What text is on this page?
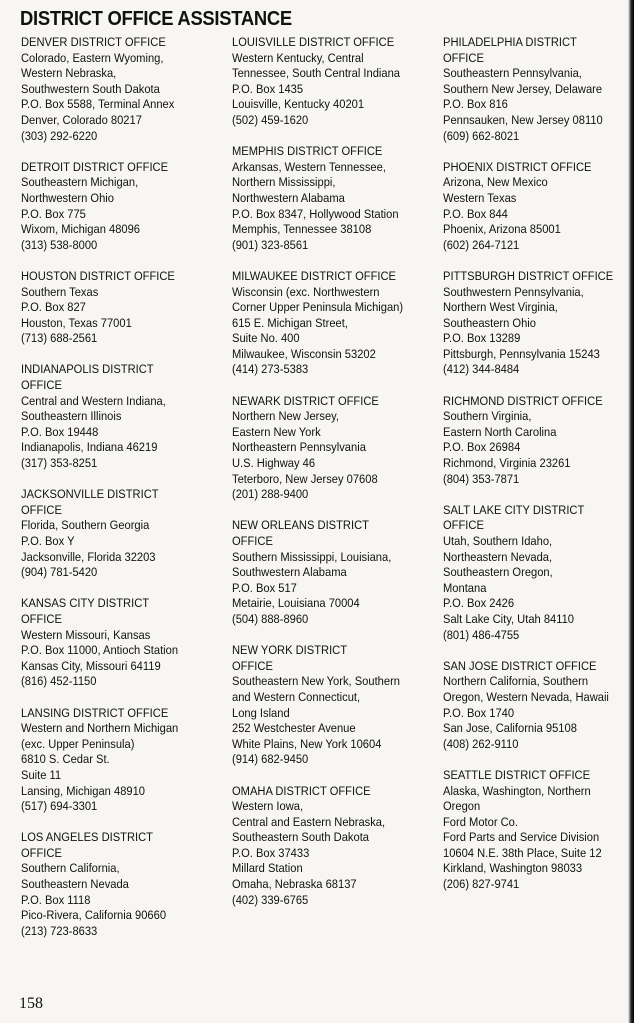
DISTRICT OFFICE ASSISTANCE
DENVER DISTRICT OFFICE
Colorado, Eastern Wyoming,
Western Nebraska,
Southwestern South Dakota
P.O. Box 5588, Terminal Annex
Denver, Colorado 80217
(303) 292-6220
DETROIT DISTRICT OFFICE
Southeastern Michigan,
Northwestern Ohio
P.O. Box 775
Wixom, Michigan 48096
(313) 538-8000
HOUSTON DISTRICT OFFICE
Southern Texas
P.O. Box 827
Houston, Texas 77001
(713) 688-2561
INDIANAPOLIS DISTRICT
OFFICE
Central and Western Indiana,
Southeastern Illinois
P.O. Box 19448
Indianapolis, Indiana 46219
(317) 353-8251
JACKSONVILLE DISTRICT
OFFICE
Florida, Southern Georgia
P.O. Box Y
Jacksonville, Florida 32203
(904) 781-5420
KANSAS CITY DISTRICT
OFFICE
Western Missouri, Kansas
P.O. Box 11000, Antioch Station
Kansas City, Missouri 64119
(816) 452-1150
LANSING DISTRICT OFFICE
Western and Northern Michigan
(exc. Upper Peninsula)
6810 S. Cedar St.
Suite 11
Lansing, Michigan 48910
(517) 694-3301
LOS ANGELES DISTRICT
OFFICE
Southern California,
Southeastern Nevada
P.O. Box 1118
Pico-Rivera, California 90660
(213) 723-8633
LOUISVILLE DISTRICT OFFICE
Western Kentucky, Central
Tennessee, South Central Indiana
P.O. Box 1435
Louisville, Kentucky 40201
(502) 459-1620
MEMPHIS DISTRICT OFFICE
Arkansas, Western Tennessee,
Northern Mississippi,
Northwestern Alabama
P.O. Box 8347, Hollywood Station
Memphis, Tennessee 38108
(901) 323-8561
MILWAUKEE DISTRICT OFFICE
Wisconsin (exc. Northwestern
Corner Upper Peninsula Michigan)
615 E. Michigan Street,
Suite No. 400
Milwaukee, Wisconsin 53202
(414) 273-5383
NEWARK DISTRICT OFFICE
Northern New Jersey,
Eastern New York
Northeastern Pennsylvania
U.S. Highway 46
Teterboro, New Jersey 07608
(201) 288-9400
NEW ORLEANS DISTRICT
OFFICE
Southern Mississippi, Louisiana,
Southwestern Alabama
P.O. Box 517
Metairie, Louisiana 70004
(504) 888-8960
NEW YORK DISTRICT
OFFICE
Southeastern New York, Southern
and Western Connecticut,
Long Island
252 Westchester Avenue
White Plains, New York 10604
(914) 682-9450
OMAHA DISTRICT OFFICE
Western Iowa,
Central and Eastern Nebraska,
Southeastern South Dakota
P.O. Box 37433
Millard Station
Omaha, Nebraska 68137
(402) 339-6765
PHILADELPHIA DISTRICT
OFFICE
Southeastern Pennsylvania,
Southern New Jersey, Delaware
P.O. Box 816
Pennsauken, New Jersey 08110
(609) 662-8021
PHOENIX DISTRICT OFFICE
Arizona, New Mexico
Western Texas
P.O. Box 844
Phoenix, Arizona 85001
(602) 264-7121
PITTSBURGH DISTRICT OFFICE
Southwestern Pennsylvania,
Northern West Virginia,
Southeastern Ohio
P.O. Box 13289
Pittsburgh, Pennsylvania 15243
(412) 344-8484
RICHMOND DISTRICT OFFICE
Southern Virginia,
Eastern North Carolina
P.O. Box 26984
Richmond, Virginia 23261
(804) 353-7871
SALT LAKE CITY DISTRICT
OFFICE
Utah, Southern Idaho,
Northeastern Nevada,
Southeastern Oregon,
Montana
P.O. Box 2426
Salt Lake City, Utah 84110
(801) 486-4755
SAN JOSE DISTRICT OFFICE
Northern California, Southern
Oregon, Western Nevada, Hawaii
P.O. Box 1740
San Jose, California 95108
(408) 262-9110
SEATTLE DISTRICT OFFICE
Alaska, Washington, Northern
Oregon
Ford Motor Co.
Ford Parts and Service Division
10604 N.E. 38th Place, Suite 12
Kirkland, Washington 98033
(206) 827-9741
158
